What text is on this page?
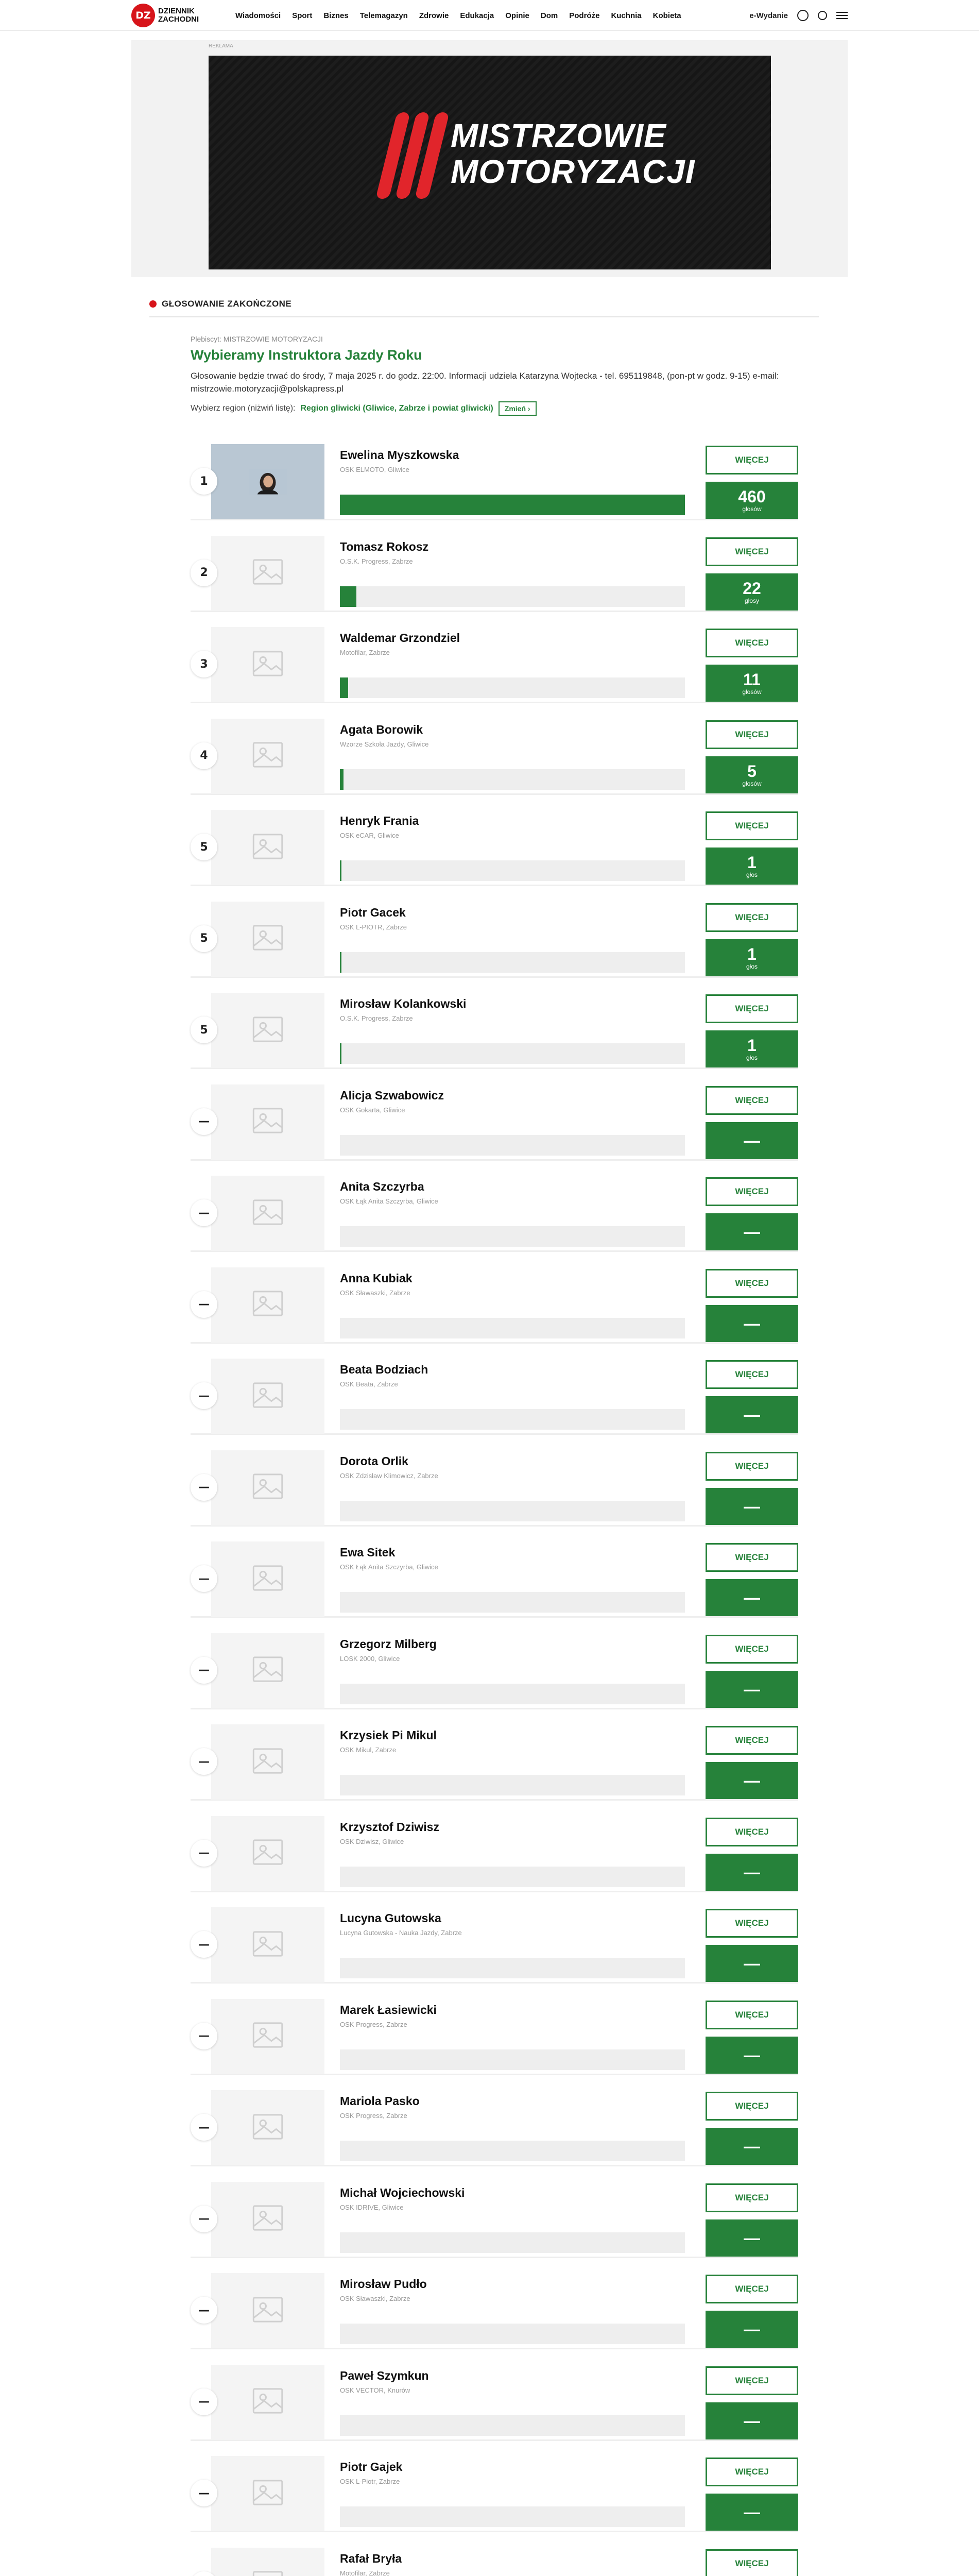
DZ DZIENNIK ZACHODNI	Wiadomości Sport Biznes Telemagazyn Zdrowie Edukacja Opinie Dom Podróże Kuchnia Kobieta	e-Wydanie
REKLAMA
MISTRZOWIE
MOTORYZACJI
GŁOSOWANIE ZAKOŃCZONE
Plebiscyt: MISTRZOWIE MOTORYZACJI
Wybieramy Instruktora Jazdy Roku
Głosowanie będzie trwać do środy, 7 maja 2025 r. do godz. 22:00. Informacji udziela Katarzyna Wojtecka - tel. 695119848, (pon-pt w godz. 9-15) e-mail: mistrzowie.motoryzacji@polskapress.pl
Wybierz region (niżwiń listę): Region gliwicki (Gliwice, Zabrze i powiat gliwicki)	Zmień ›
1
Ewelina Myszkowska
OSK ELMOTO, Gliwice
WIĘCEJ
460
głosów
2
Tomasz Rokosz
O.S.K. Progress, Zabrze
WIĘCEJ
22
głosy
3
Waldemar Grzondziel
Motofilar, Zabrze
WIĘCEJ
11
głosów
4
Agata Borowik
Wzorze Szkoła Jazdy, Gliwice
WIĘCEJ
5
głosów
5
Henryk Frania
OSK eCAR, Gliwice
WIĘCEJ
1
głos
5
Piotr Gacek
OSK L-PIOTR, Zabrze
WIĘCEJ
1
głos
5
Mirosław Kolankowski
O.S.K. Progress, Zabrze
WIĘCEJ
1
głos
—
Alicja Szwabowicz
OSK Gokarta, Gliwice
WIĘCEJ
—
—
Anita Szczyrba
OSK Łąk Anita Szczyrba, Gliwice
WIĘCEJ
—
—
Anna Kubiak
OSK Sławaszki, Zabrze
WIĘCEJ
—
—
Beata Bodziach
OSK Beata, Zabrze
WIĘCEJ
—
—
Dorota Orlik
OSK Zdzisław Klimowicz, Zabrze
WIĘCEJ
—
—
Ewa Sitek
OSK Łąk Anita Szczyrba, Gliwice
WIĘCEJ
—
—
Grzegorz Milberg
LOSK 2000, Gliwice
WIĘCEJ
—
—
Krzysiek Pi Mikul
OSK Mikul, Zabrze
WIĘCEJ
—
—
Krzysztof Dziwisz
OSK Dziwisz, Gliwice
WIĘCEJ
—
—
Lucyna Gutowska
Lucyna Gutowska - Nauka Jazdy, Zabrze
WIĘCEJ
—
—
Marek Łasiewicki
OSK Progress, Zabrze
WIĘCEJ
—
—
Mariola Pasko
OSK Progress, Zabrze
WIĘCEJ
—
—
Michał Wojciechowski
OSK IDRIVE, Gliwice
WIĘCEJ
—
—
Mirosław Pudło
OSK Sławaszki, Zabrze
WIĘCEJ
—
—
Paweł Szymkun
OSK VECTOR, Knurów
WIĘCEJ
—
—
Piotr Gajek
OSK L-Piotr, Zabrze
WIĘCEJ
—
Rafał Bryła
Motofilar, Zabrze
WIĘCEJ
